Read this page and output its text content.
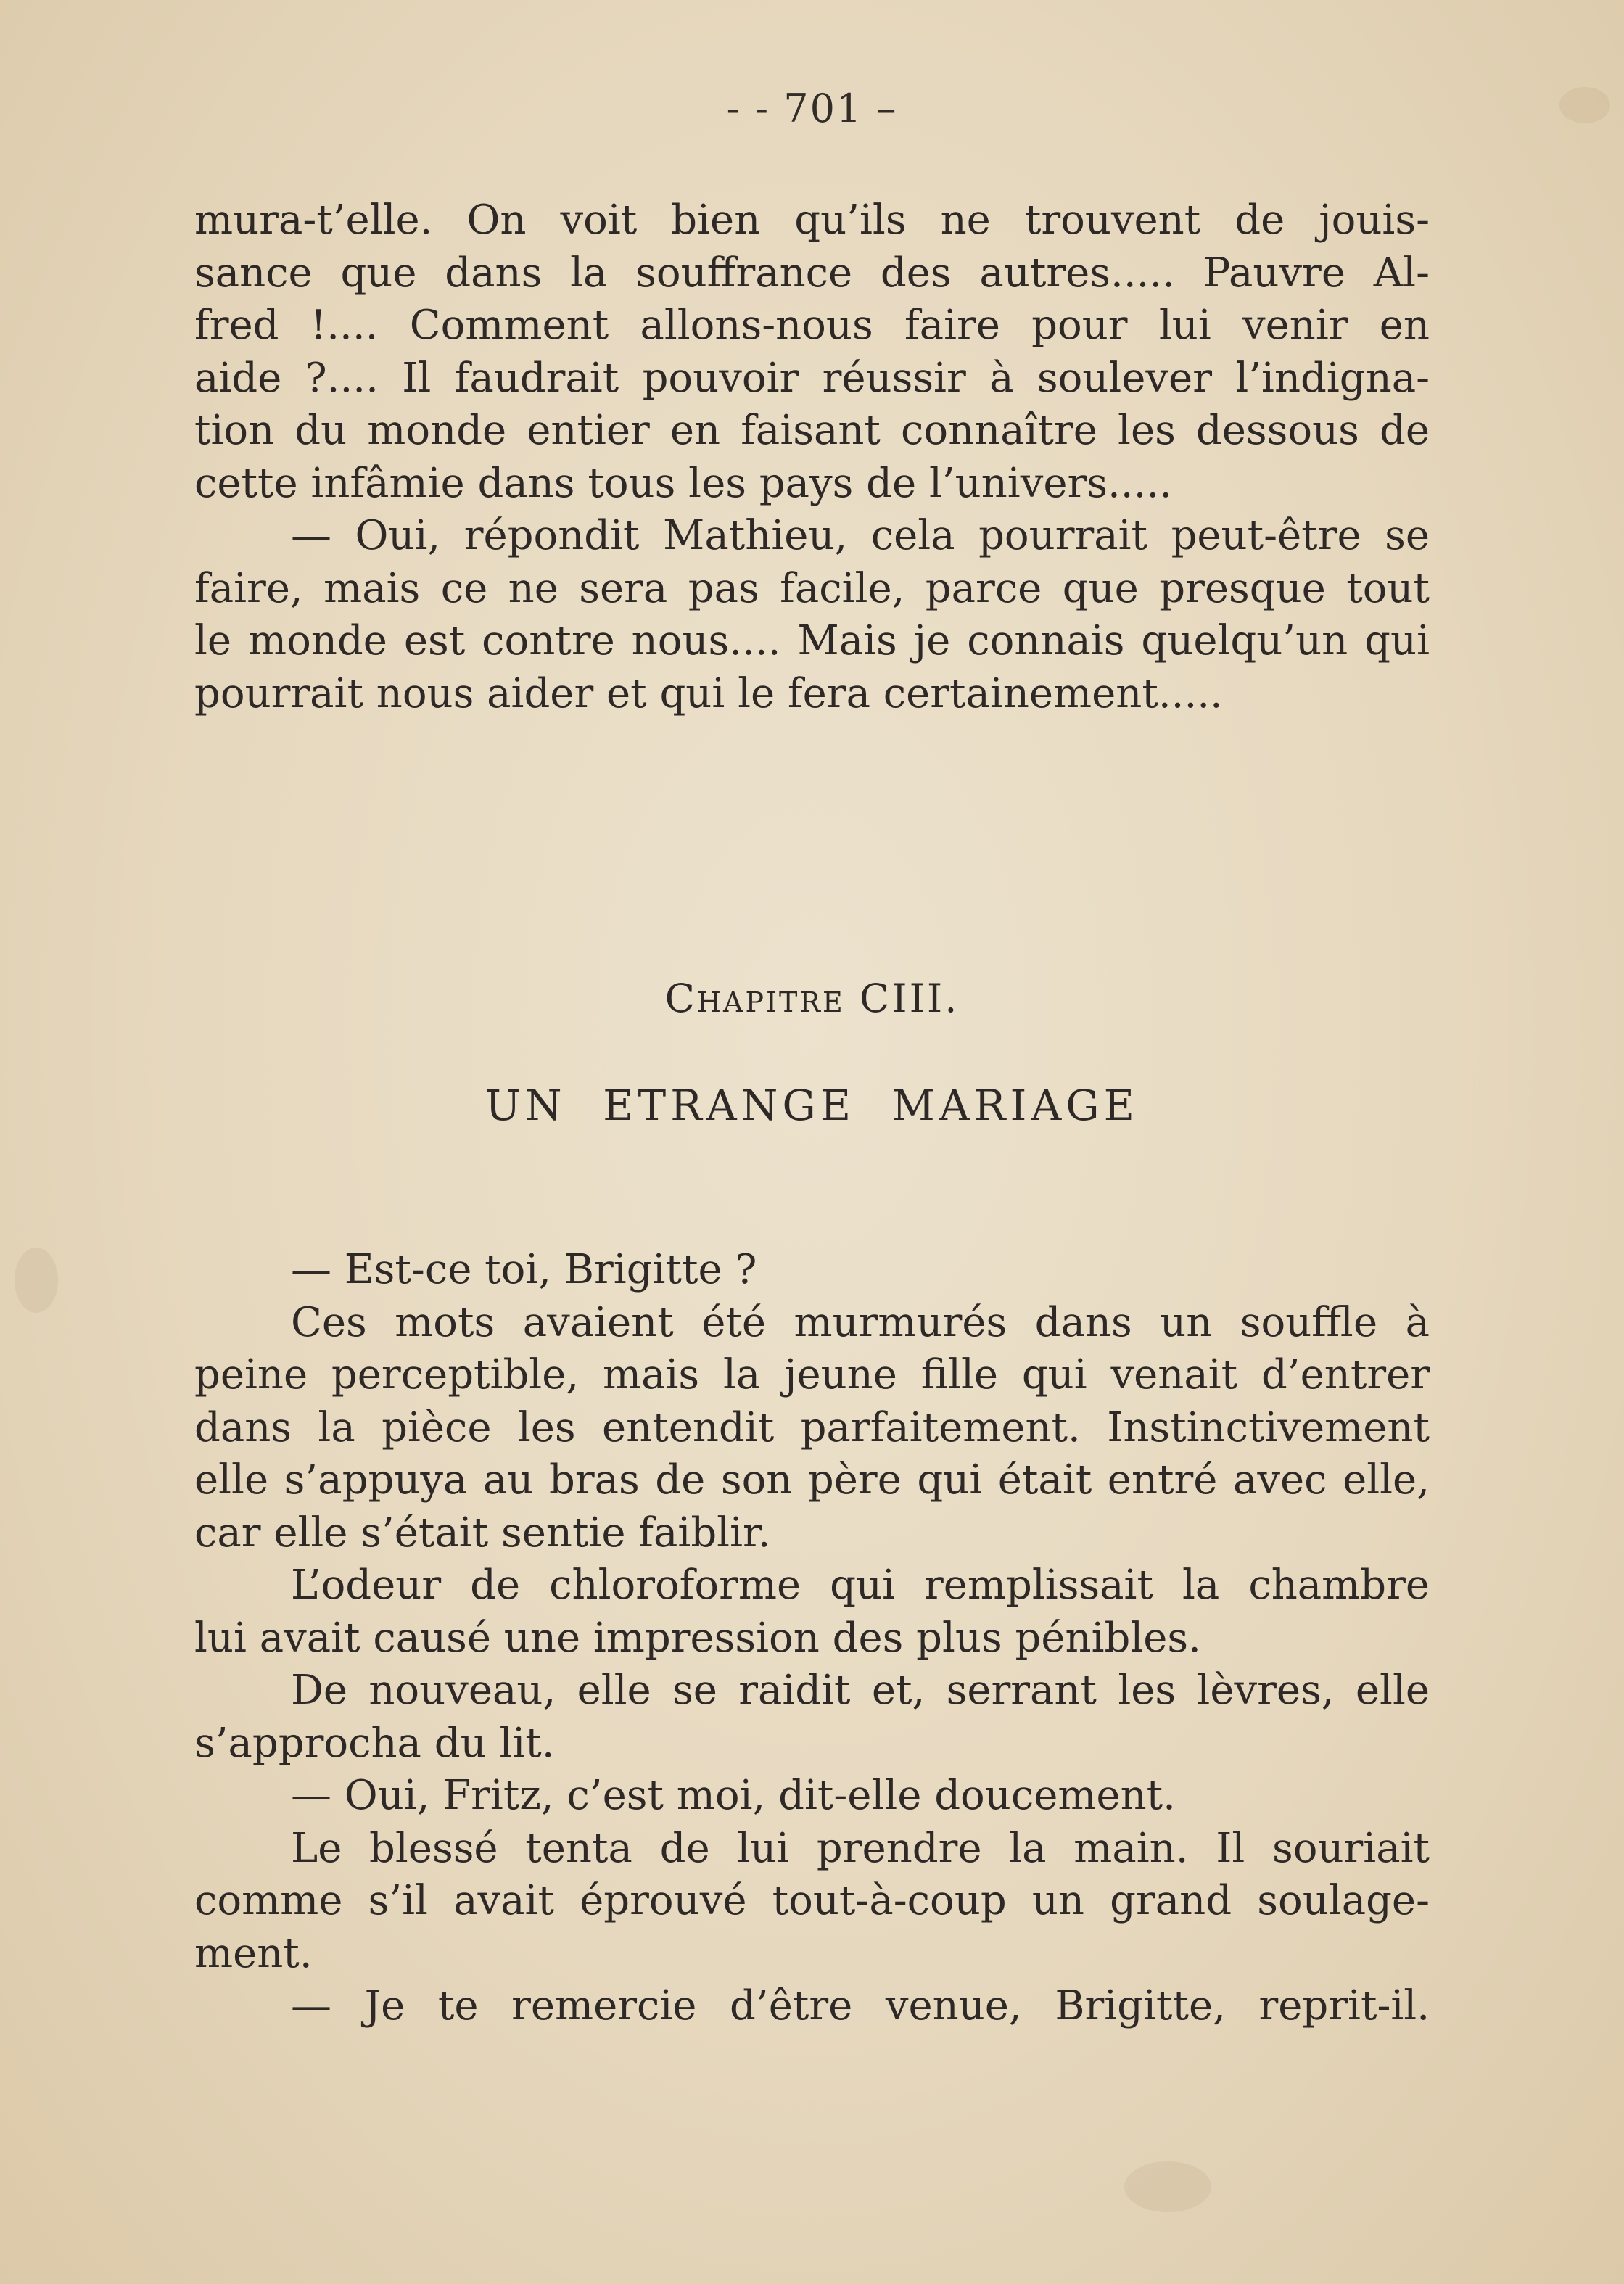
- - 701 –
mura-t’elle. On voit bien qu’ils ne trouvent de jouis-
sance que dans la souffrance des autres..... Pauvre Al-
fred !.... Comment allons-nous faire pour lui venir en
aide ?.... Il faudrait pouvoir réussir à soulever l’indigna-
tion du monde entier en faisant connaître les dessous de
cette infâmie dans tous les pays de l’univers.....
— Oui, répondit Mathieu, cela pourrait peut-être se
faire, mais ce ne sera pas facile, parce que presque tout
le monde est contre nous.... Mais je connais quelqu’un qui
pourrait nous aider et qui le fera certainement.....
Chapitre CIII.
UN ETRANGE MARIAGE
— Est-ce toi, Brigitte ?
Ces mots avaient été murmurés dans un souffle à
peine perceptible, mais la jeune fille qui venait d’entrer
dans la pièce les entendit parfaitement. Instinctivement
elle s’appuya au bras de son père qui était entré avec elle,
car elle s’était sentie faiblir.
L’odeur de chloroforme qui remplissait la chambre
lui avait causé une impression des plus pénibles.
De nouveau, elle se raidit et, serrant les lèvres, elle
s’approcha du lit.
— Oui, Fritz, c’est moi, dit-elle doucement.
Le blessé tenta de lui prendre la main. Il souriait
comme s’il avait éprouvé tout-à-coup un grand soulage-
ment.
— Je te remercie d’être venue, Brigitte, reprit-il.
